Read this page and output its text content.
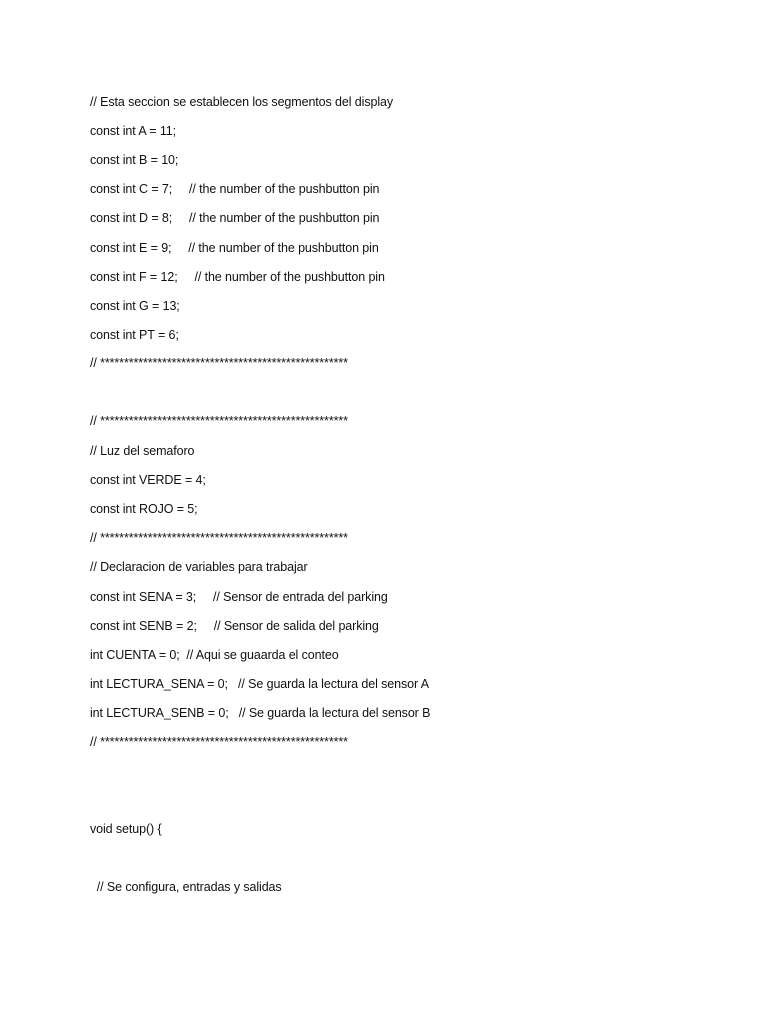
// Esta seccion se establecen los segmentos del display
const int A = 11;
const int B = 10;
const int C = 7;     // the number of the pushbutton pin
const int D = 8;     // the number of the pushbutton pin
const int E = 9;     // the number of the pushbutton pin
const int F = 12;     // the number of the pushbutton pin
const int G = 13;
const int PT = 6;
// ****************************************************
// ****************************************************
// Luz del semaforo
const int VERDE = 4;
const int ROJO = 5;
// ****************************************************
// Declaracion de variables para trabajar
const int SENA = 3;     // Sensor de entrada del parking
const int SENB = 2;     // Sensor de salida del parking
int CUENTA = 0;  // Aqui se guaarda el conteo
int LECTURA_SENA = 0;   // Se guarda la lectura del sensor A
int LECTURA_SENB = 0;   // Se guarda la lectura del sensor B
// ****************************************************
void setup() {
// Se configura, entradas y salidas
